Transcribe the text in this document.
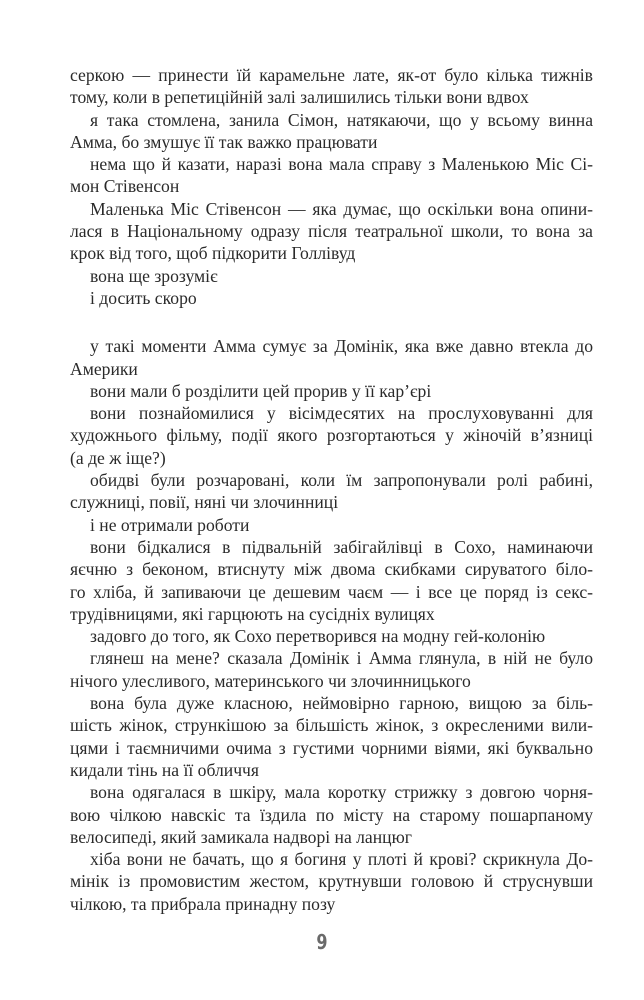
серкою — принести їй карамельне лате, як-от було кілька тижнів
тому, коли в репетиційній залі залишились тільки вони вдвох
я така стомлена, занила Сімон, натякаючи, що у всьому винна
Амма, бо змушує її так важко працювати
нема що й казати, наразі вона мала справу з Маленькою Міс Сі-
мон Стівенсон
Маленька Міс Стівенсон — яка думає, що оскільки вона опини-
лася в Національному одразу після театральної школи, то вона за
крок від того, щоб підкорити Голлівуд
вона ще зрозуміє
і досить скоро
у такі моменти Амма сумує за Домінік, яка вже давно втекла до
Америки
вони мали б розділити цей прорив у її кар’єрі
вони познайомилися у вісімдесятих на прослуховуванні для
художнього фільму, події якого розгортаються у жіночій в’язниці
(а де ж іще?)
обидві були розчаровані, коли їм запропонували ролі рабині,
служниці, повії, няні чи злочинниці
і не отримали роботи
вони бідкалися в підвальній забігайлівці в Сохо, наминаючи
яєчню з беконом, втиснуту між двома скибками сируватого біло-
го хліба, й запиваючи це дешевим чаєм — і все це поряд із секс-
трудівницями, які гарцюють на сусідніх вулицях
задовго до того, як Сохо перетворився на модну гей-колонію
глянеш на мене? сказала Домінік і Амма глянула, в ній не було
нічого улесливого, материнського чи злочинницького
вона була дуже класною, неймовірно гарною, вищою за біль-
шість жінок, стрункішою за більшість жінок, з окресленими вили-
цями і таємничими очима з густими чорними віями, які буквально
кидали тінь на її обличчя
вона одягалася в шкіру, мала коротку стрижку з довгою чорня-
вою чілкою навскіс та їздила по місту на старому пошарпаному
велосипеді, який замикала надворі на ланцюг
хіба вони не бачать, що я богиня у плоті й крові? скрикнула До-
мінік із промовистим жестом, крутнувши головою й струснувши
чілкою, та прибрала принадну позу
9
